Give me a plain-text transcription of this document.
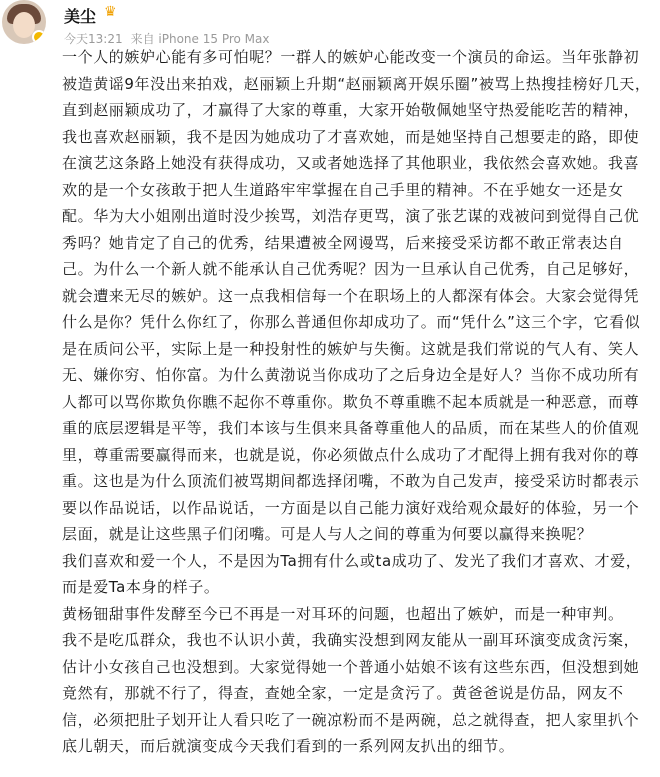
美尘 ♛
今天13:21 来自 iPhone 15 Pro Max

一个人的嫉妒心能有多可怕呢？一群人的嫉妒心能改变一个演员的命运。当年张静初被造黄谣9年没出来拍戏，赵丽颖上升期“赵丽颖离开娱乐圈”被骂上热搜挂榜好几天，直到赵丽颖成功了，才赢得了大家的尊重，大家开始敬佩她坚守热爱能吃苦的精神，我也喜欢赵丽颖，我不是因为她成功了才喜欢她，而是她坚持自己想要走的路，即使在演艺这条路上她没有获得成功，又或者她选择了其他职业，我依然会喜欢她。我喜欢的是一个女孩敢于把人生道路牢牢掌握在自己手里的精神。不在乎她女一还是女配。华为大小姐刚出道时没少挨骂，刘浩存更骂，演了张艺谋的戏被问到觉得自己优秀吗？她肯定了自己的优秀，结果遭被全网谩骂，后来接受采访都不敢正常表达自己。为什么一个新人就不能承认自己优秀呢？因为一旦承认自己优秀，自己足够好，就会遭来无尽的嫉妒。这一点我相信每一个在职场上的人都深有体会。大家会觉得凭什么是你？凭什么你红了，你那么普通但你却成功了。而“凭什么”这三个字，它看似是在质问公平，实际上是一种投射性的嫉妒与失衡。这就是我们常说的气人有、笑人无、嫌你穷、怕你富。为什么黄渤说当你成功了之后身边全是好人？当你不成功所有人都可以骂你欺负你瞧不起你不尊重你。欺负不尊重瞧不起本质就是一种恶意，而尊重的底层逻辑是平等，我们本该与生俱来具备尊重他人的品质，而在某些人的价值观里，尊重需要赢得而来，也就是说，你必须做点什么成功了才配得上拥有我对你的尊重。这也是为什么顶流们被骂期间都选择闭嘴，不敢为自己发声，接受采访时都表示要以作品说话，以作品说话，一方面是以自己能力演好戏给观众最好的体验，另一个层面，就是让这些黑子们闭嘴。可是人与人之间的尊重为何要以赢得来换呢？

我们喜欢和爱一个人，不是因为Ta拥有什么或ta成功了、发光了我们才喜欢、才爱，而是爱Ta本身的样子。

黄杨钿甜事件发酵至今已不再是一对耳环的问题，也超出了嫉妒，而是一种审判。

我不是吃瓜群众，我也不认识小黄，我确实没想到网友能从一副耳环演变成贪污案，估计小女孩自己也没想到。大家觉得她一个普通小姑娘不该有这些东西，但没想到她竟然有，那就不行了，得查，查她全家，一定是贪污了。黄爸爸说是仿品，网友不信，必须把肚子划开让人看只吃了一碗凉粉而不是两碗，总之就得查，把人家里扒个底儿朝天，而后就演变成今天我们看到的一系列网友扒出的细节。
